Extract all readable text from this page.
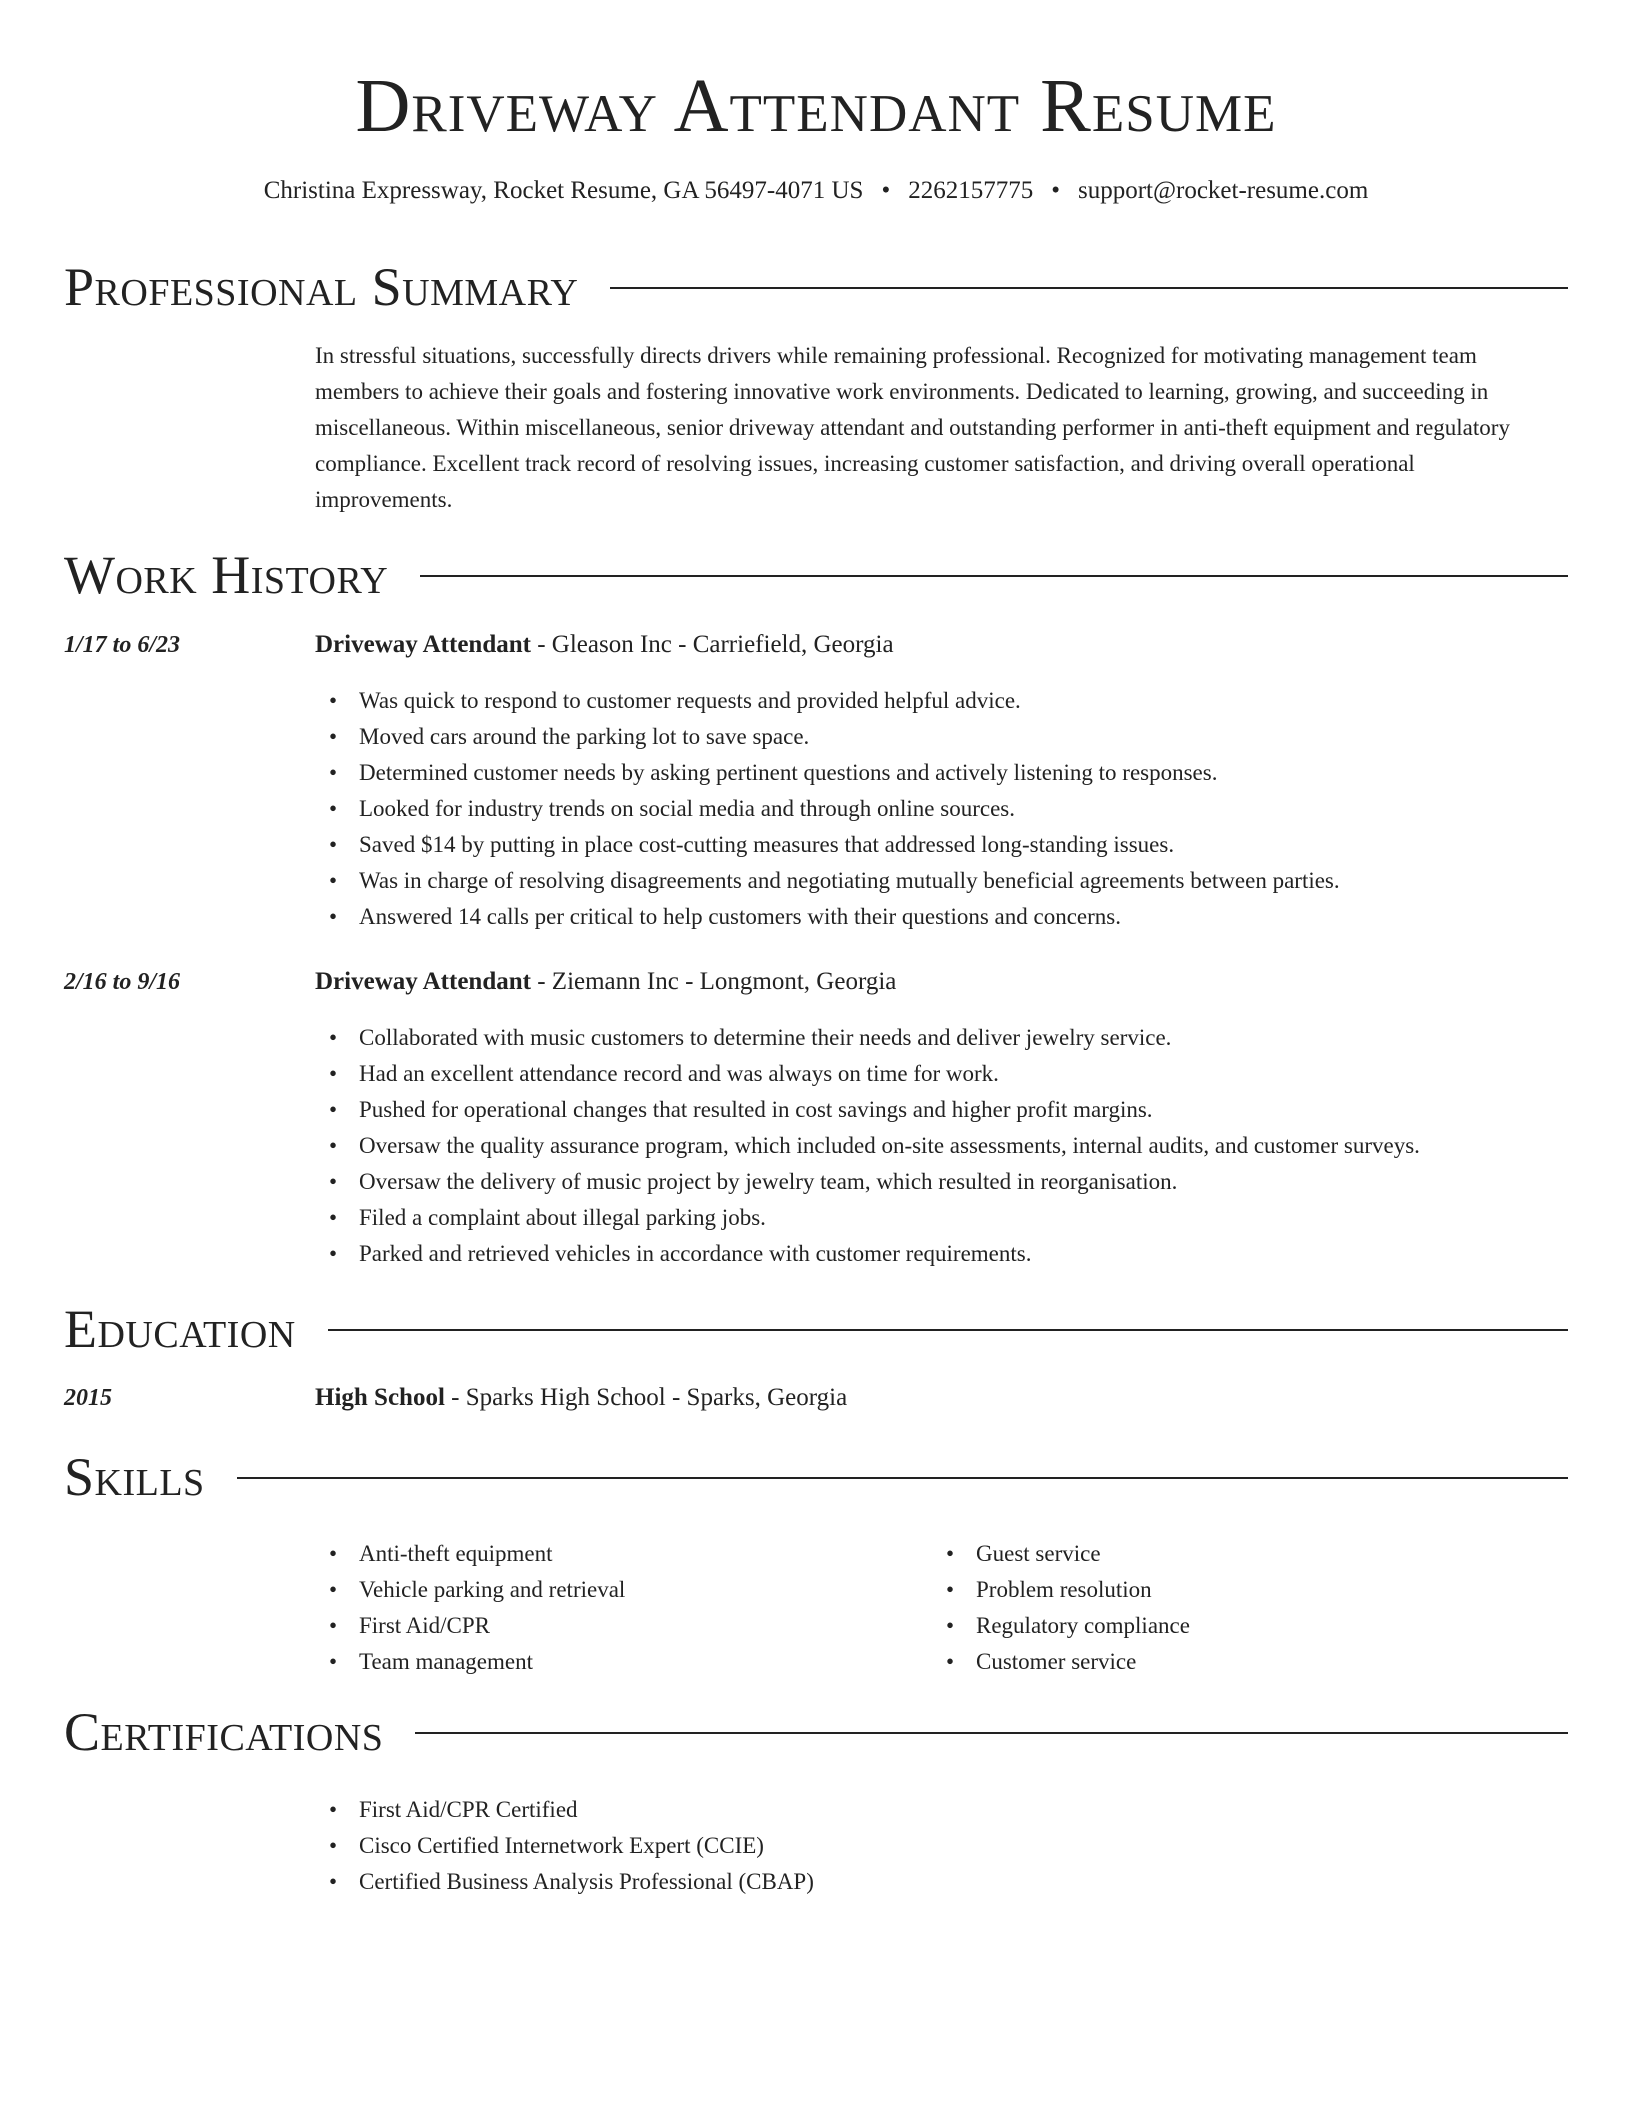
Driveway Attendant Resume
Christina Expressway, Rocket Resume, GA 56497-4071 US • 2262157775 • support@rocket-resume.com
Professional Summary

In stressful situations, successfully directs drivers while remaining professional. Recognized for motivating management team members to achieve their goals and fostering innovative work environments. Dedicated to learning, growing, and succeeding in miscellaneous. Within miscellaneous, senior driveway attendant and outstanding performer in anti-theft equipment and regulatory compliance. Excellent track record of resolving issues, increasing customer satisfaction, and driving overall operational improvements.

Work History
1/17 to 6/23	Driveway Attendant - Gleason Inc - Carriefield, Georgia
• Was quick to respond to customer requests and provided helpful advice.
• Moved cars around the parking lot to save space.
• Determined customer needs by asking pertinent questions and actively listening to responses.
• Looked for industry trends on social media and through online sources.
• Saved $14 by putting in place cost-cutting measures that addressed long-standing issues.
• Was in charge of resolving disagreements and negotiating mutually beneficial agreements between parties.
• Answered 14 calls per critical to help customers with their questions and concerns.
2/16 to 9/16	Driveway Attendant - Ziemann Inc - Longmont, Georgia
• Collaborated with music customers to determine their needs and deliver jewelry service.
• Had an excellent attendance record and was always on time for work.
• Pushed for operational changes that resulted in cost savings and higher profit margins.
• Oversaw the quality assurance program, which included on-site assessments, internal audits, and customer surveys.
• Oversaw the delivery of music project by jewelry team, which resulted in reorganisation.
• Filed a complaint about illegal parking jobs.
• Parked and retrieved vehicles in accordance with customer requirements.
Education
2015	High School - Sparks High School - Sparks, Georgia
Skills
• Anti-theft equipment
• Vehicle parking and retrieval
• First Aid/CPR
• Team management
• Guest service
• Problem resolution
• Regulatory compliance
• Customer service
Certifications
• First Aid/CPR Certified
• Cisco Certified Internetwork Expert (CCIE)
• Certified Business Analysis Professional (CBAP)
